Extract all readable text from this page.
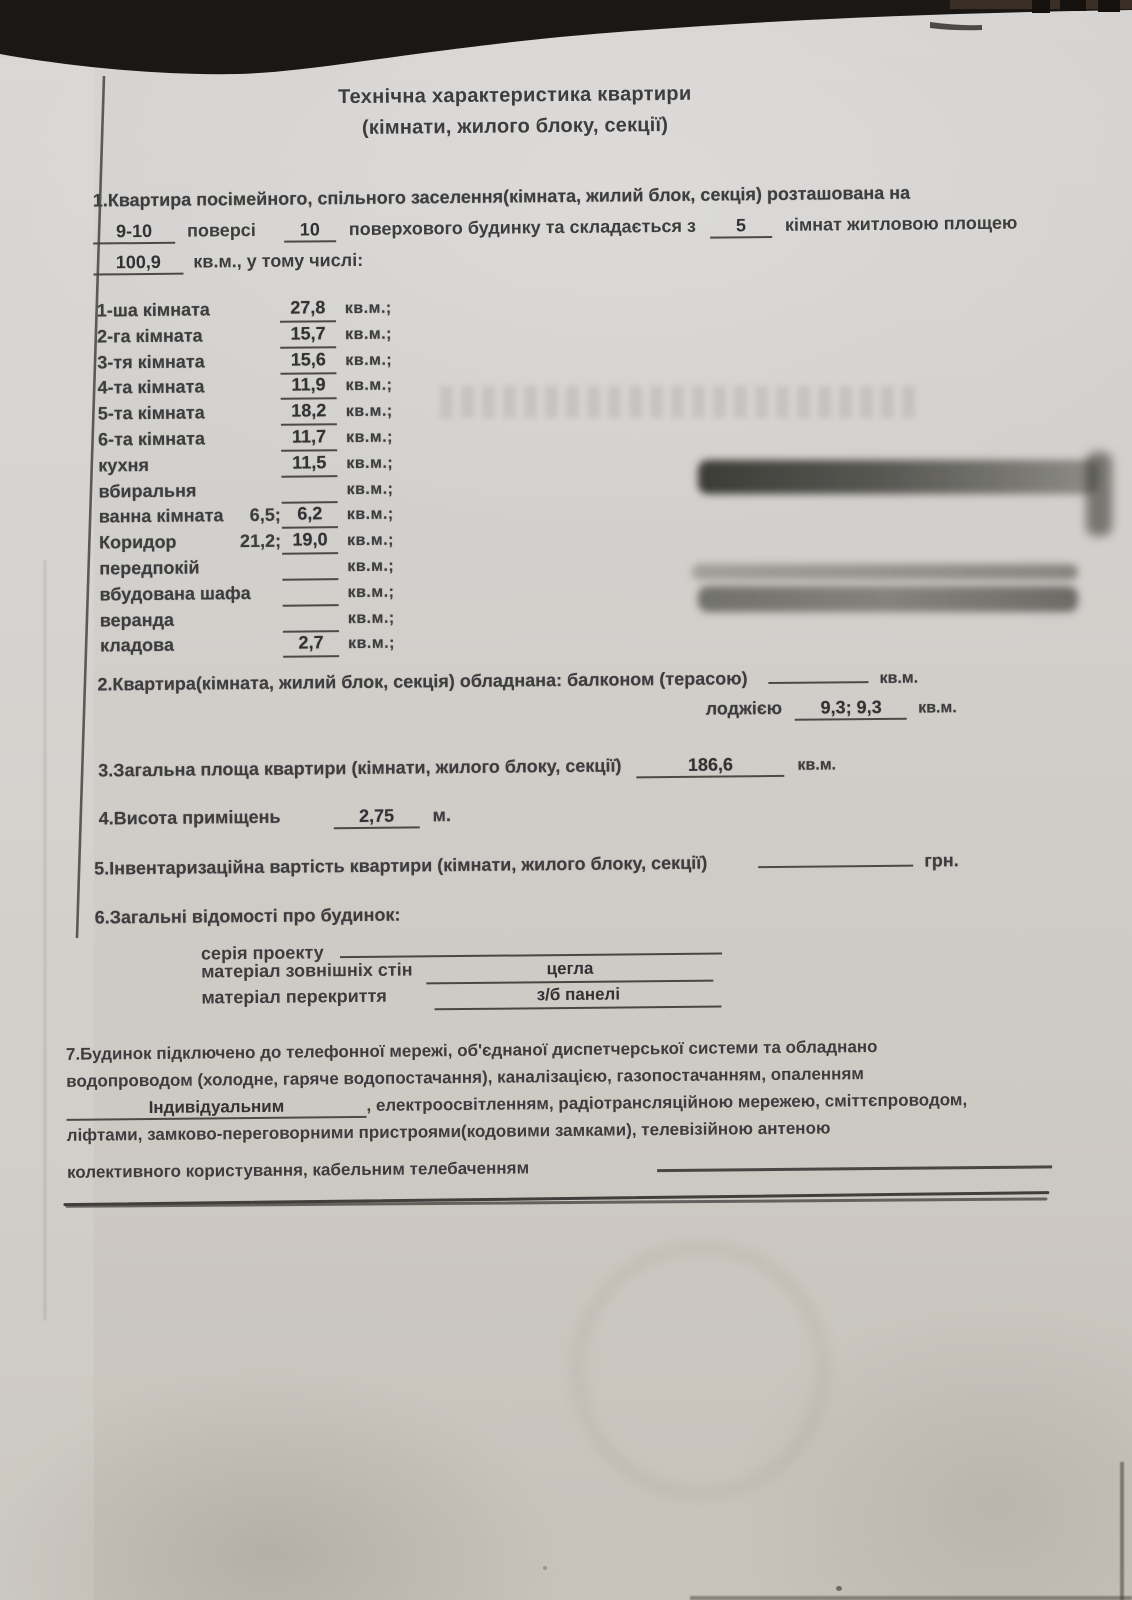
Технічна характеристика квартири
(кімнати, жилого блоку, секції)
1.Квартира посімейного, спільного заселення(кімната, жилий блок, секція) розташована на
9-10	поверсі	10	поверхового будинку та складається з	5	кімнат житловою площею
100,9	кв.м., у тому числі:
1-ша кімната	27,8	кв.м.;
2-га кімната	15,7	кв.м.;
3-тя кімната	15,6	кв.м.;
4-та кімната	11,9	кв.м.;
5-та кімната	18,2	кв.м.;
6-та кімната	11,7	кв.м.;
кухня	11,5	кв.м.;
вбиральня	кв.м.;
ванна кімната	6,5; 6,2	кв.м.;
Коридор	21,2; 19,0	кв.м.;
передпокій	кв.м.;
вбудована шафа	кв.м.;
веранда	кв.м.;
кладова	2,7	кв.м.;
2.Квартира(кімната, жилий блок, секція) обладнана: балконом (терасою)	кв.м.
лоджією 9,3; 9,3 кв.м.
3.Загальна площа квартири (кімнати, жилого блоку, секції)	186,6	кв.м.
4.Висота приміщень	2,75 м.
5.Інвентаризаційна вартість квартири (кімнати, жилого блоку, секції)	грн.
6.Загальні відомості про будинок:
серія проекту
матеріал зовнішніх стін	цегла
матеріал перекриття	з/б панелі
7.Будинок підключено до телефонної мережі, об'єднаної диспетчерської системи та обладнано
водопроводом (холодне, гаряче водопостачання), каналізацією, газопостачанням, опаленням
Індивідуальним	, електроосвітленням, радіотрансляційною мережею, сміттєпроводом,
ліфтами, замково-переговорними пристроями(кодовими замками), телевізійною антеною
колективного користування, кабельним телебаченням
